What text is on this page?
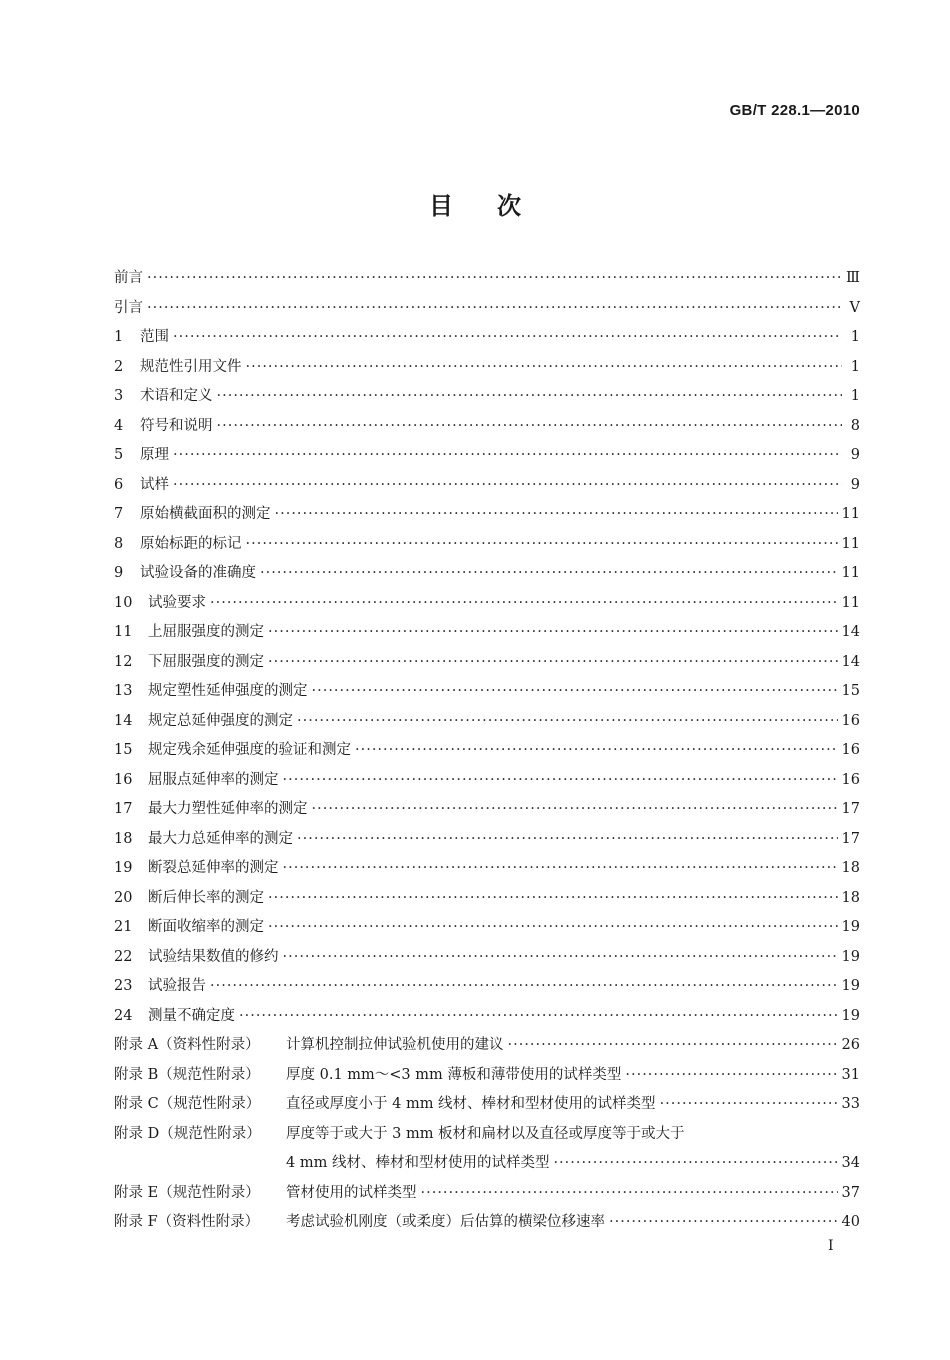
GB/T 228.1—2010
目次
前言 ·····	Ⅲ
引言 ·····	Ⅴ
1	范围 ·····	1
2	规范性引用文件 ·····	1
3	术语和定义 ·····	1
4	符号和说明 ·····	8
5	原理 ·····	9
6	试样 ·····	9
7	原始横截面积的测定 ·····	11
8	原始标距的标记 ·····	11
9	试验设备的准确度 ·····	11
10	试验要求 ·····	11
11	上屈服强度的测定 ·····	14
12	下屈服强度的测定 ·····	14
13	规定塑性延伸强度的测定 ·····	15
14	规定总延伸强度的测定 ·····	16
15	规定残余延伸强度的验证和测定 ·····	16
16	屈服点延伸率的测定 ·····	16
17	最大力塑性延伸率的测定 ·····	17
18	最大力总延伸率的测定 ·····	17
19	断裂总延伸率的测定 ·····	18
20	断后伸长率的测定 ·····	18
21	断面收缩率的测定 ·····	19
22	试验结果数值的修约 ·····	19
23	试验报告 ·····	19
24	测量不确定度 ·····	19
附录 A（资料性附录）	计算机控制拉伸试验机使用的建议 ·····	26
附录 B（规范性附录）	厚度 0.1 mm～<3 mm 薄板和薄带使用的试样类型 ·····	31
附录 C（规范性附录）	直径或厚度小于 4 mm 线材、棒材和型材使用的试样类型 ·····	33
附录 D（规范性附录）	厚度等于或大于 3 mm 板材和扁材以及直径或厚度等于或大于
4 mm 线材、棒材和型材使用的试样类型 ·····	34
附录 E（规范性附录）	管材使用的试样类型 ·····	37
附录 F（资料性附录）	考虑试验机刚度（或柔度）后估算的横梁位移速率 ·····	40
I
